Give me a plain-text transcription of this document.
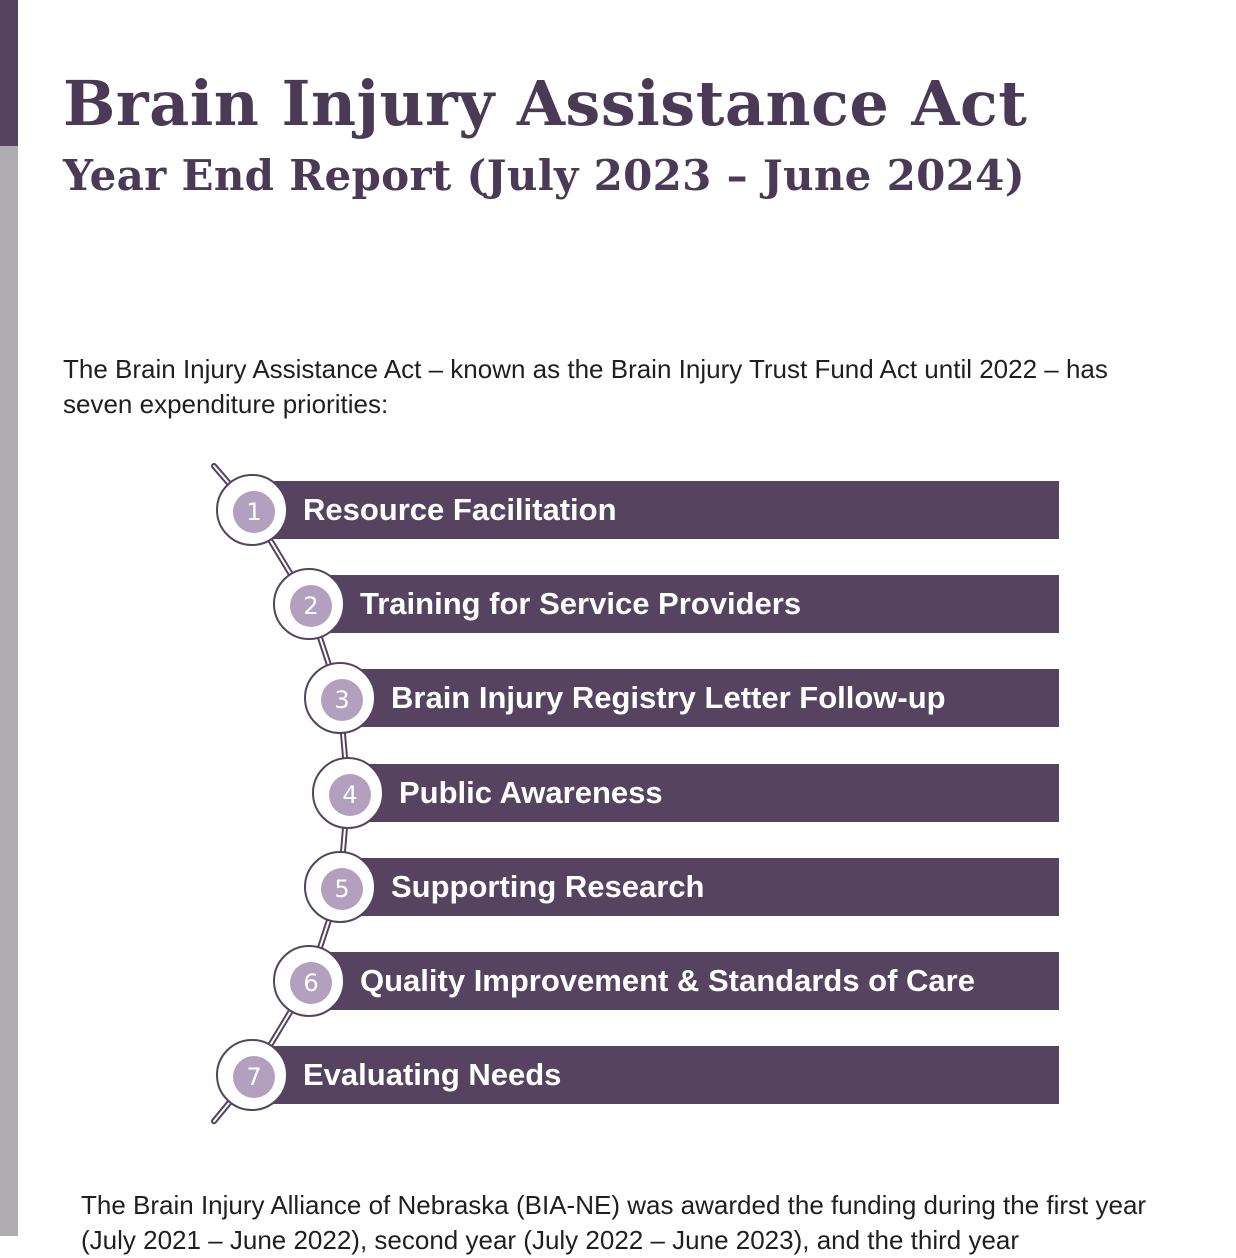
Brain Injury Assistance Act
Year End Report (July 2023 – June 2024)

The Brain Injury Assistance Act – known as the Brain Injury Trust Fund Act until 2022 – has seven expenditure priorities:

Resource Facilitation
1
Training for Service Providers
2
Brain Injury Registry Letter Follow-up
3
Public Awareness
4
Supporting Research
5
Quality Improvement & Standards of Care
6
Evaluating Needs
7

The Brain Injury Alliance of Nebraska (BIA-NE) was awarded the funding during the first year (July 2021 – June 2022), second year (July 2022 – June 2023), and the third year
